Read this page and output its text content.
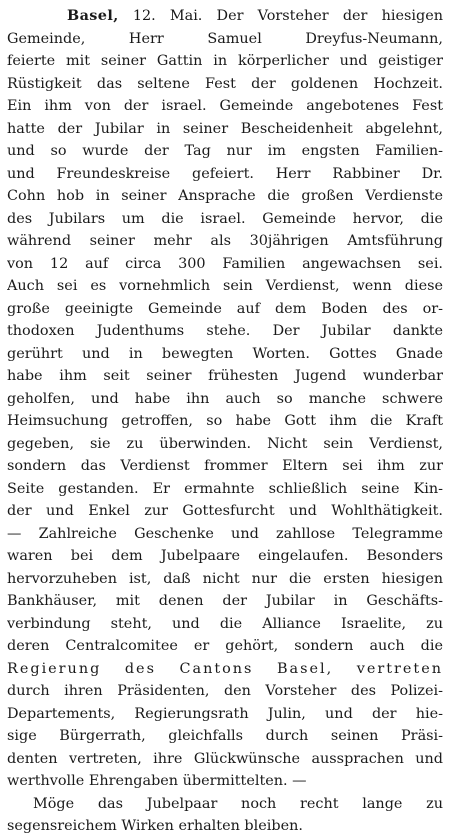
Basel, 12. Mai. Der Vorsteher der hiesigen
Gemeinde, Herr Samuel Dreyfus-Neumann,
feierte mit seiner Gattin in körperlicher und geistiger
Rüstigkeit das seltene Fest der goldenen Hochzeit.
Ein ihm von der israel. Gemeinde angebotenes Fest
hatte der Jubilar in seiner Bescheidenheit abgelehnt,
und so wurde der Tag nur im engsten Familien-
und Freundeskreise gefeiert. Herr Rabbiner Dr.
Cohn hob in seiner Ansprache die großen Verdienste
des Jubilars um die israel. Gemeinde hervor, die
während seiner mehr als 30jährigen Amtsführung
von 12 auf circa 300 Familien angewachsen sei.
Auch sei es vornehmlich sein Verdienst, wenn diese
große geeinigte Gemeinde auf dem Boden des or-
thodoxen Judenthums stehe. Der Jubilar dankte
gerührt und in bewegten Worten. Gottes Gnade
habe ihm seit seiner frühesten Jugend wunderbar
geholfen, und habe ihn auch so manche schwere
Heimsuchung getroffen, so habe Gott ihm die Kraft
gegeben, sie zu überwinden. Nicht sein Verdienst,
sondern das Verdienst frommer Eltern sei ihm zur
Seite gestanden. Er ermahnte schließlich seine Kin-
der und Enkel zur Gottesfurcht und Wohlthätigkeit.
— Zahlreiche Geschenke und zahllose Telegramme
waren bei dem Jubelpaare eingelaufen. Besonders
hervorzuheben ist, daß nicht nur die ersten hiesigen
Bankhäuser, mit denen der Jubilar in Geschäfts-
verbindung steht, und die Alliance Israelite, zu
deren Centralcomitee er gehört, sondern auch die
Regierung des Cantons Basel, vertreten
durch ihren Präsidenten, den Vorsteher des Polizei-
Departements, Regierungsrath Julin, und der hie-
sige Bürgerrath, gleichfalls durch seinen Präsi-
denten vertreten, ihre Glückwünsche aussprachen und
werthvolle Ehrengaben übermittelten. —
Möge das Jubelpaar noch recht lange zu
segensreichem Wirken erhalten bleiben.
